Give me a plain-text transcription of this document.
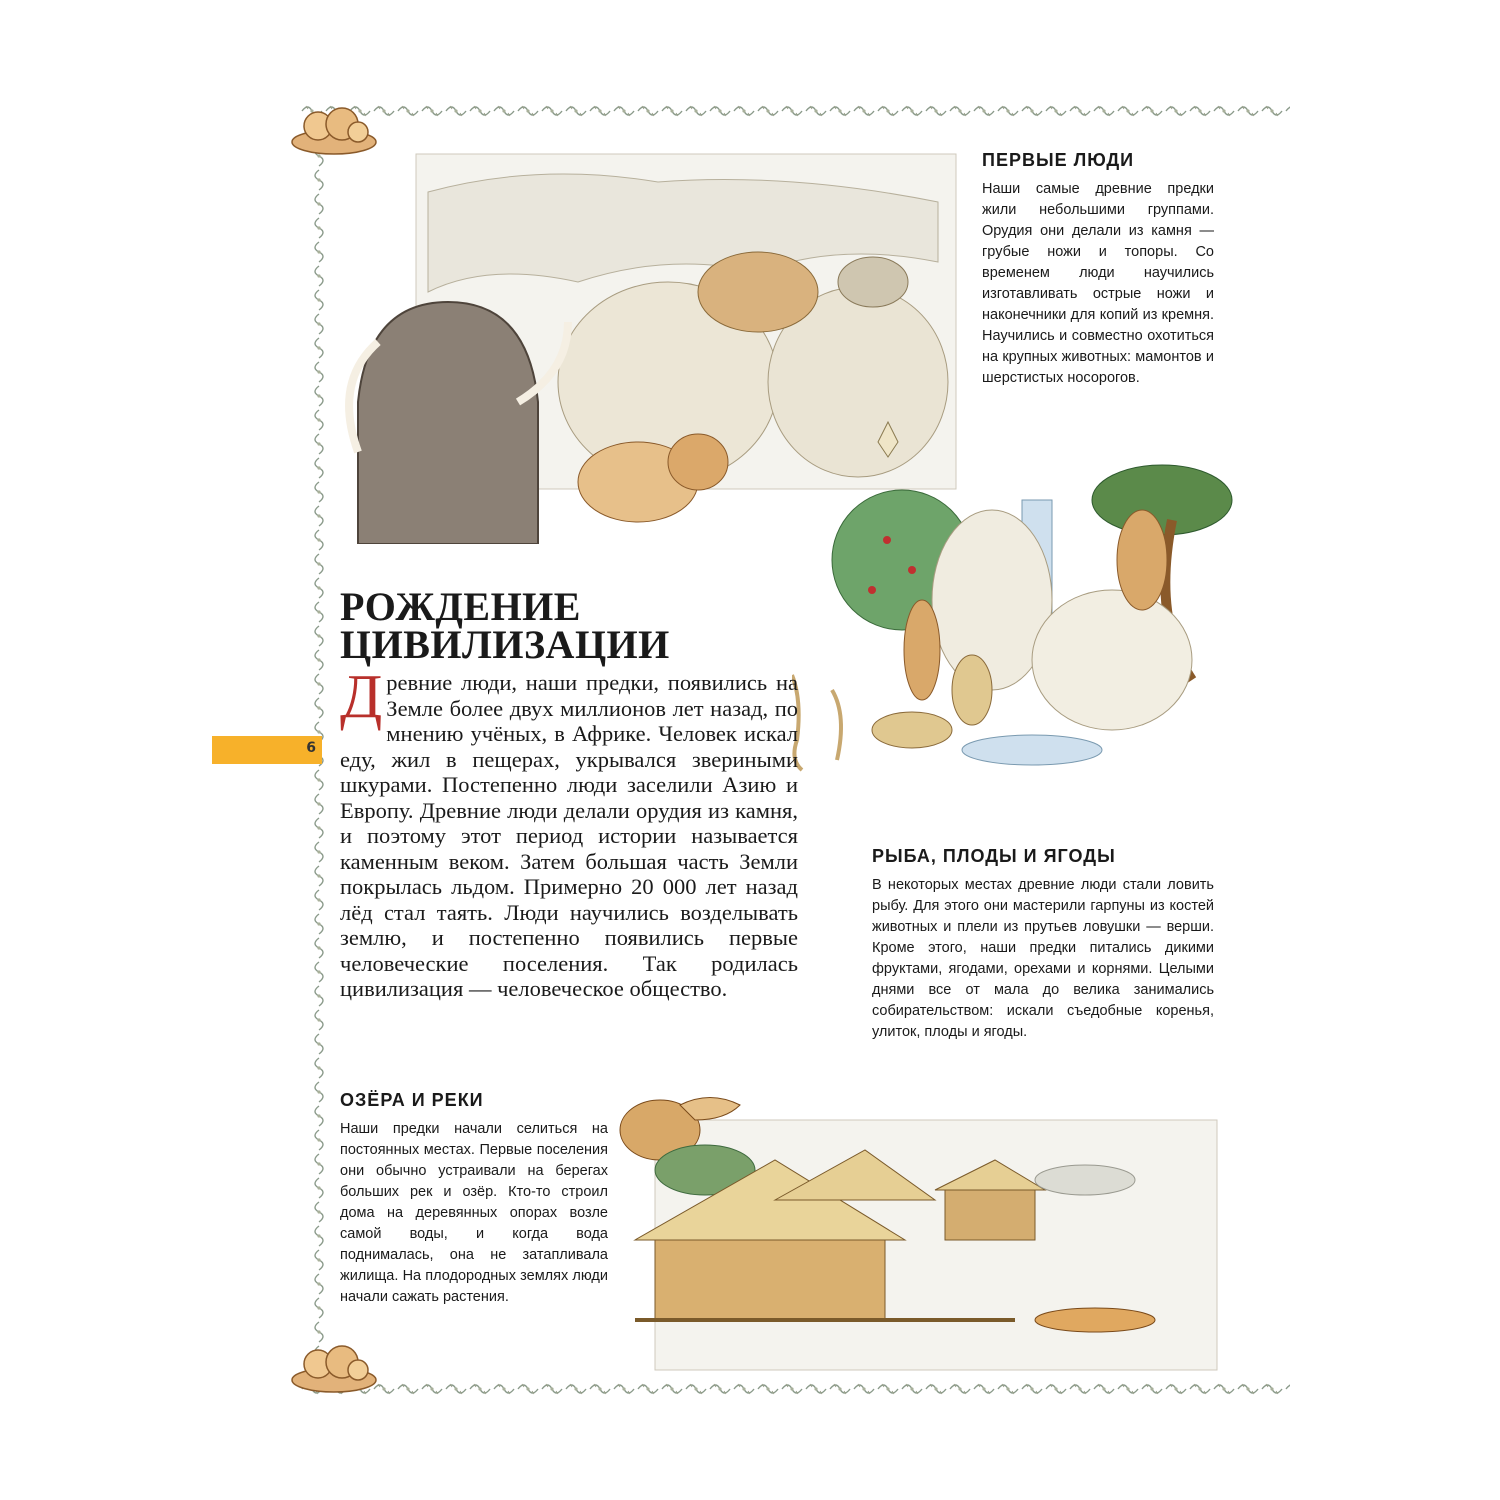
6
ПЕРВЫЕ ЛЮДИ

Наши самые древние предки жили небольшими группами. Орудия они делали из камня — грубые ножи и топоры. Со временем люди научились изготавливать острые ножи и наконечники для копий из кремня. Научились и совместно охотиться на крупных животных: мамонтов и шерстистых носорогов.

РОЖДЕНИЕ ЦИВИЛИЗАЦИИ

Древние люди, наши предки, появились на Земле более двух миллионов лет назад, по мнению учёных, в Африке. Человек искал еду, жил в пещерах, укрывался звериными шкурами. Постепенно люди заселили Азию и Европу. Древние люди делали орудия из камня, и поэтому этот период истории называется каменным веком. Затем большая часть Земли покрылась льдом. Примерно 20 000 лет назад лёд стал таять. Люди научились возделывать землю, и постепенно появились первые человеческие поселения. Так родилась цивилизация — человеческое общество.

РЫБА, ПЛОДЫ И ЯГОДЫ

В некоторых местах древние люди стали ловить рыбу. Для этого они мастерили гарпуны из костей животных и плели из прутьев ловушки — верши. Кроме этого, наши предки питались дикими фруктами, ягодами, орехами и корнями. Целыми днями все от мала до велика занимались собирательством: искали съедобные коренья, улиток, плоды и ягоды.

ОЗЁРА И РЕКИ

Наши предки начали селиться на постоянных местах. Первые поселения они обычно устраивали на берегах больших рек и озёр. Кто-то строил дома на деревянных опорах возле самой воды, и когда вода поднималась, она не затапливала жилища. На плодородных землях люди начали сажать растения.
